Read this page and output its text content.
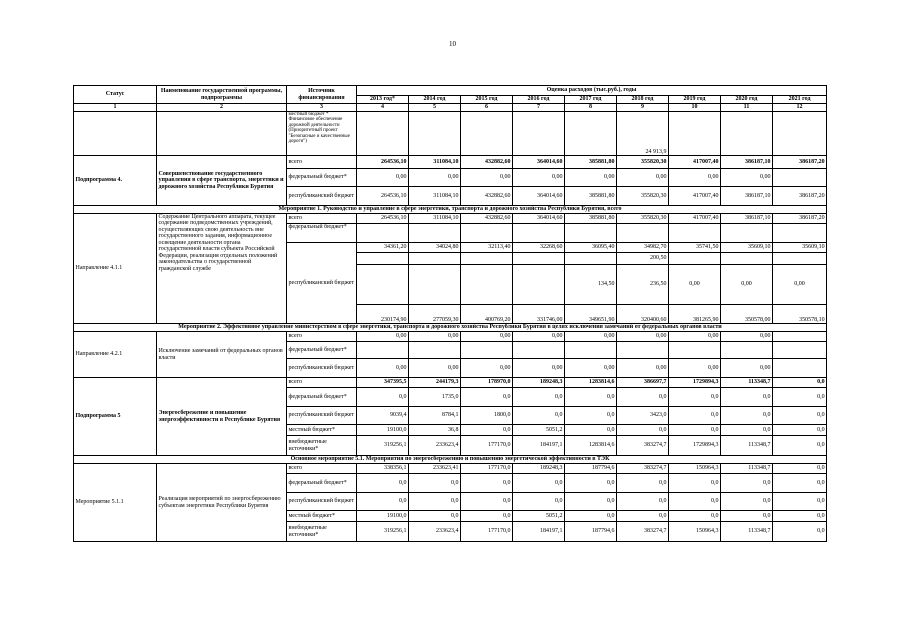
10
Статус	Наименование государственной программы, подпрограммы	Источник финансирования	Оценка расходов (тыс.руб.), годы								
			2013 год*	2014 год	2015 год	2016 год	2017 год	2018 год	2019 год	2020 год	2021 год
1	2	3	4	5	6	7	8	9	10	11	12
		местный бюджет * Финансовое обеспечение дорожной деятельности (Приоритетный проект "Безопасные и качественные дороги")						24 913,9			
Подпрограмма 4.	Совершенствование государственного управления в сфере транспорта, энергетики и дорожного хозяйства Республики Бурятия	всего	264536,10	311084,10	432882,60	364014,60	385881,80	355820,30	417007,40	386187,10	386187,20
		федеральный бюджет*	0,00	0,00	0,00	0,00	0,00	0,00	0,00	0,00	
		республиканский бюджет	264536,10	311084,10	432882,60	364014,60	385881,80	355820,30	417007,40	386187,10	386187,20
Мероприятие 1. Руководство и управление в сфере энергетики, транспорта и дорожного хозяйства Республики Бурятия, всего											
Направление 4.1.1	Содержание Центрального аппарата, текущее содержание подведомственных учреждений, осуществляющих свою деятельность вне государственного задания, информационное освещение деятельности органа государственной власти субъекта Российской Федерации, реализация отдельных положений законодательства о государственной гражданской службе	всего	264536,10	311084,10	432882,60	364014,60	385881,80	355820,30	417007,40	386187,10	386187,20
		федеральный бюджет*									
		республиканский бюджет	34361,20	34024,80	32113,40	32268,60	36095,40	34982,70	35741,50	35609,10	35609,10
								200,50			
							134,50	236,50	0,00	0,00	0,00
			230174,90	277059,30	400769,20	331746,00	349651,90	320400,60	381265,90	350578,00	350578,10
Мероприятие 2. Эффективное управление министерством в сфере энергетики, транспорта и дорожного хозяйства Республики Бурятия в целях исключения замечаний от федеральных органов власти											
Направление 4.2.1	Исключение замечаний от федеральных органов власти	всего	0,00	0,00	0,00	0,00	0,00	0,00	0,00	0,00	
		федеральный бюджет*									
		республиканский бюджет	0,00	0,00	0,00	0,00	0,00	0,00	0,00	0,00	
Подпрограмма 5	Энергосбережение и повышение энергоэффективности в Республике Бурятия	всего	347395,5	244179,3	178970,0	189248,3	1283814,6	386697,7	1729894,3	113348,7	0,0
		федеральный бюджет*	0,0	1735,0	0,0	0,0	0,0	0,0	0,0	0,0	0,0
		республиканский бюджет	9039,4	8784,1	1800,0	0,0	0,0	3423,0	0,0	0,0	0,0
		местный бюджет*	19100,0	36,8	0,0	5051,2	0,0	0,0	0,0	0,0	0,0
		внебюджетные источники*	319256,1	233623,4	177170,0	184197,1	1283814,6	383274,7	1729894,3	113348,7	0,0
Основное мероприятие 5.1. Мероприятия по энергосбережению и повышению энергетической эффективности в ТЭК											
Мероприятие 5.1.1	Реализация мероприятий по энергосбережению субъектам энергетики Республики Бурятия	всего	338356,1	233623,41	177170,0	189248,3	187794,6	383274,7	150964,3	113348,7	0,0
		федеральный бюджет*	0,0	0,0	0,0	0,0	0,0	0,0	0,0	0,0	0,0
		республиканский бюджет	0,0	0,0	0,0	0,0	0,0	0,0	0,0	0,0	0,0
		местный бюджет*	19100,0	0,0	0,0	5051,2	0,0	0,0	0,0	0,0	0,0
		внебюджетные источники*	319256,1	233623,4	177170,0	184197,1	187794,6	383274,7	150964,3	113348,7	0,0
